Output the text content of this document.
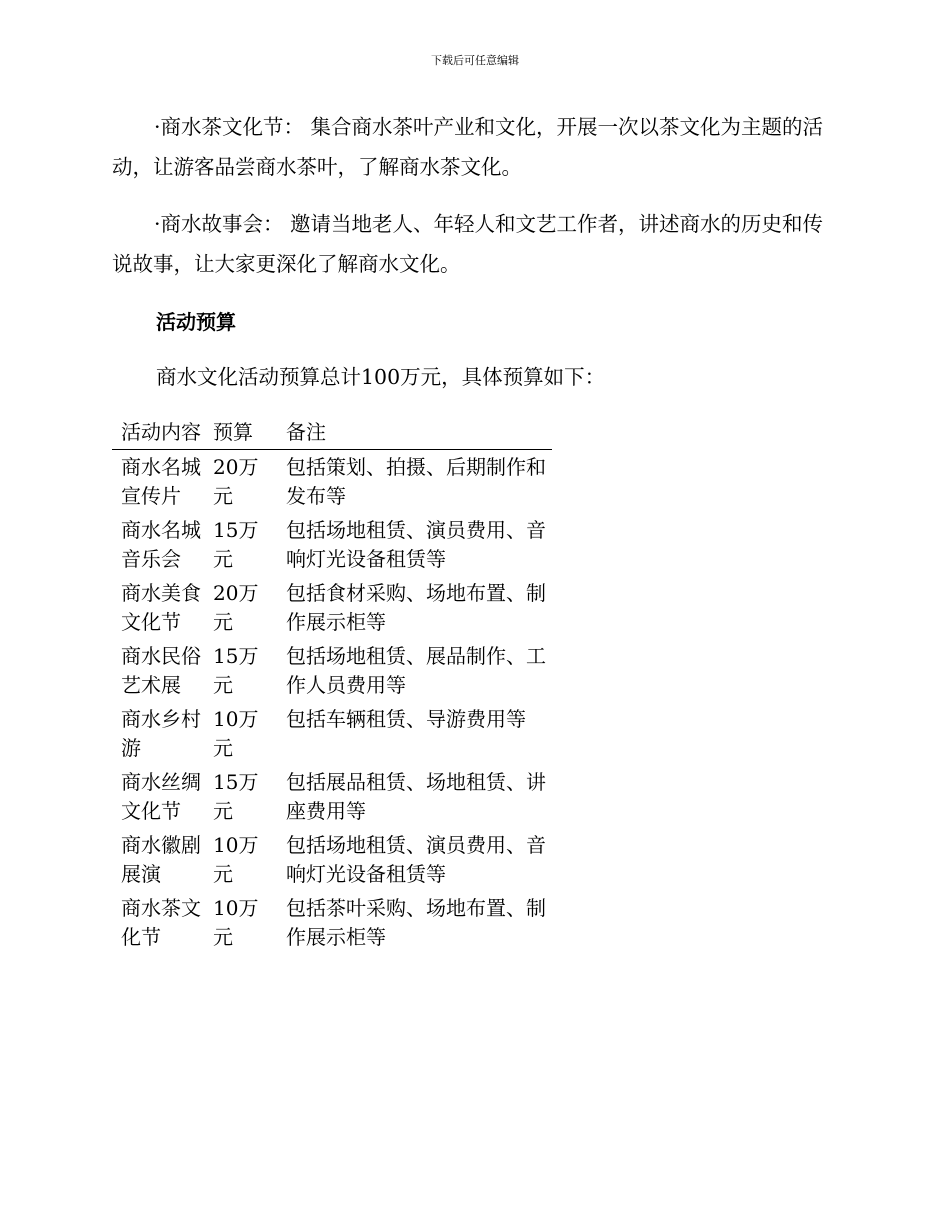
下载后可任意编辑

·商水茶文化节： 集合商水茶叶产业和文化，开展一次以茶文化为主题的活动，让游客品尝商水茶叶，了解商水茶文化。

·商水故事会： 邀请当地老人、年轻人和文艺工作者，讲述商水的历史和传说故事，让大家更深化了解商水文化。

活动预算

商水文化活动预算总计100万元，具体预算如下：

活动内容	预算	备注
商水名城宣传片	20万元	包括策划、拍摄、后期制作和发布等
商水名城音乐会	15万元	包括场地租赁、演员费用、音响灯光设备租赁等
商水美食文化节	20万元	包括食材采购、场地布置、制作展示柜等
商水民俗艺术展	15万元	包括场地租赁、展品制作、工作人员费用等
商水乡村游	10万元	包括车辆租赁、导游费用等
商水丝绸文化节	15万元	包括展品租赁、场地租赁、讲座费用等
商水徽剧展演	10万元	包括场地租赁、演员费用、音响灯光设备租赁等
商水茶文化节	10万元	包括茶叶采购、场地布置、制作展示柜等
